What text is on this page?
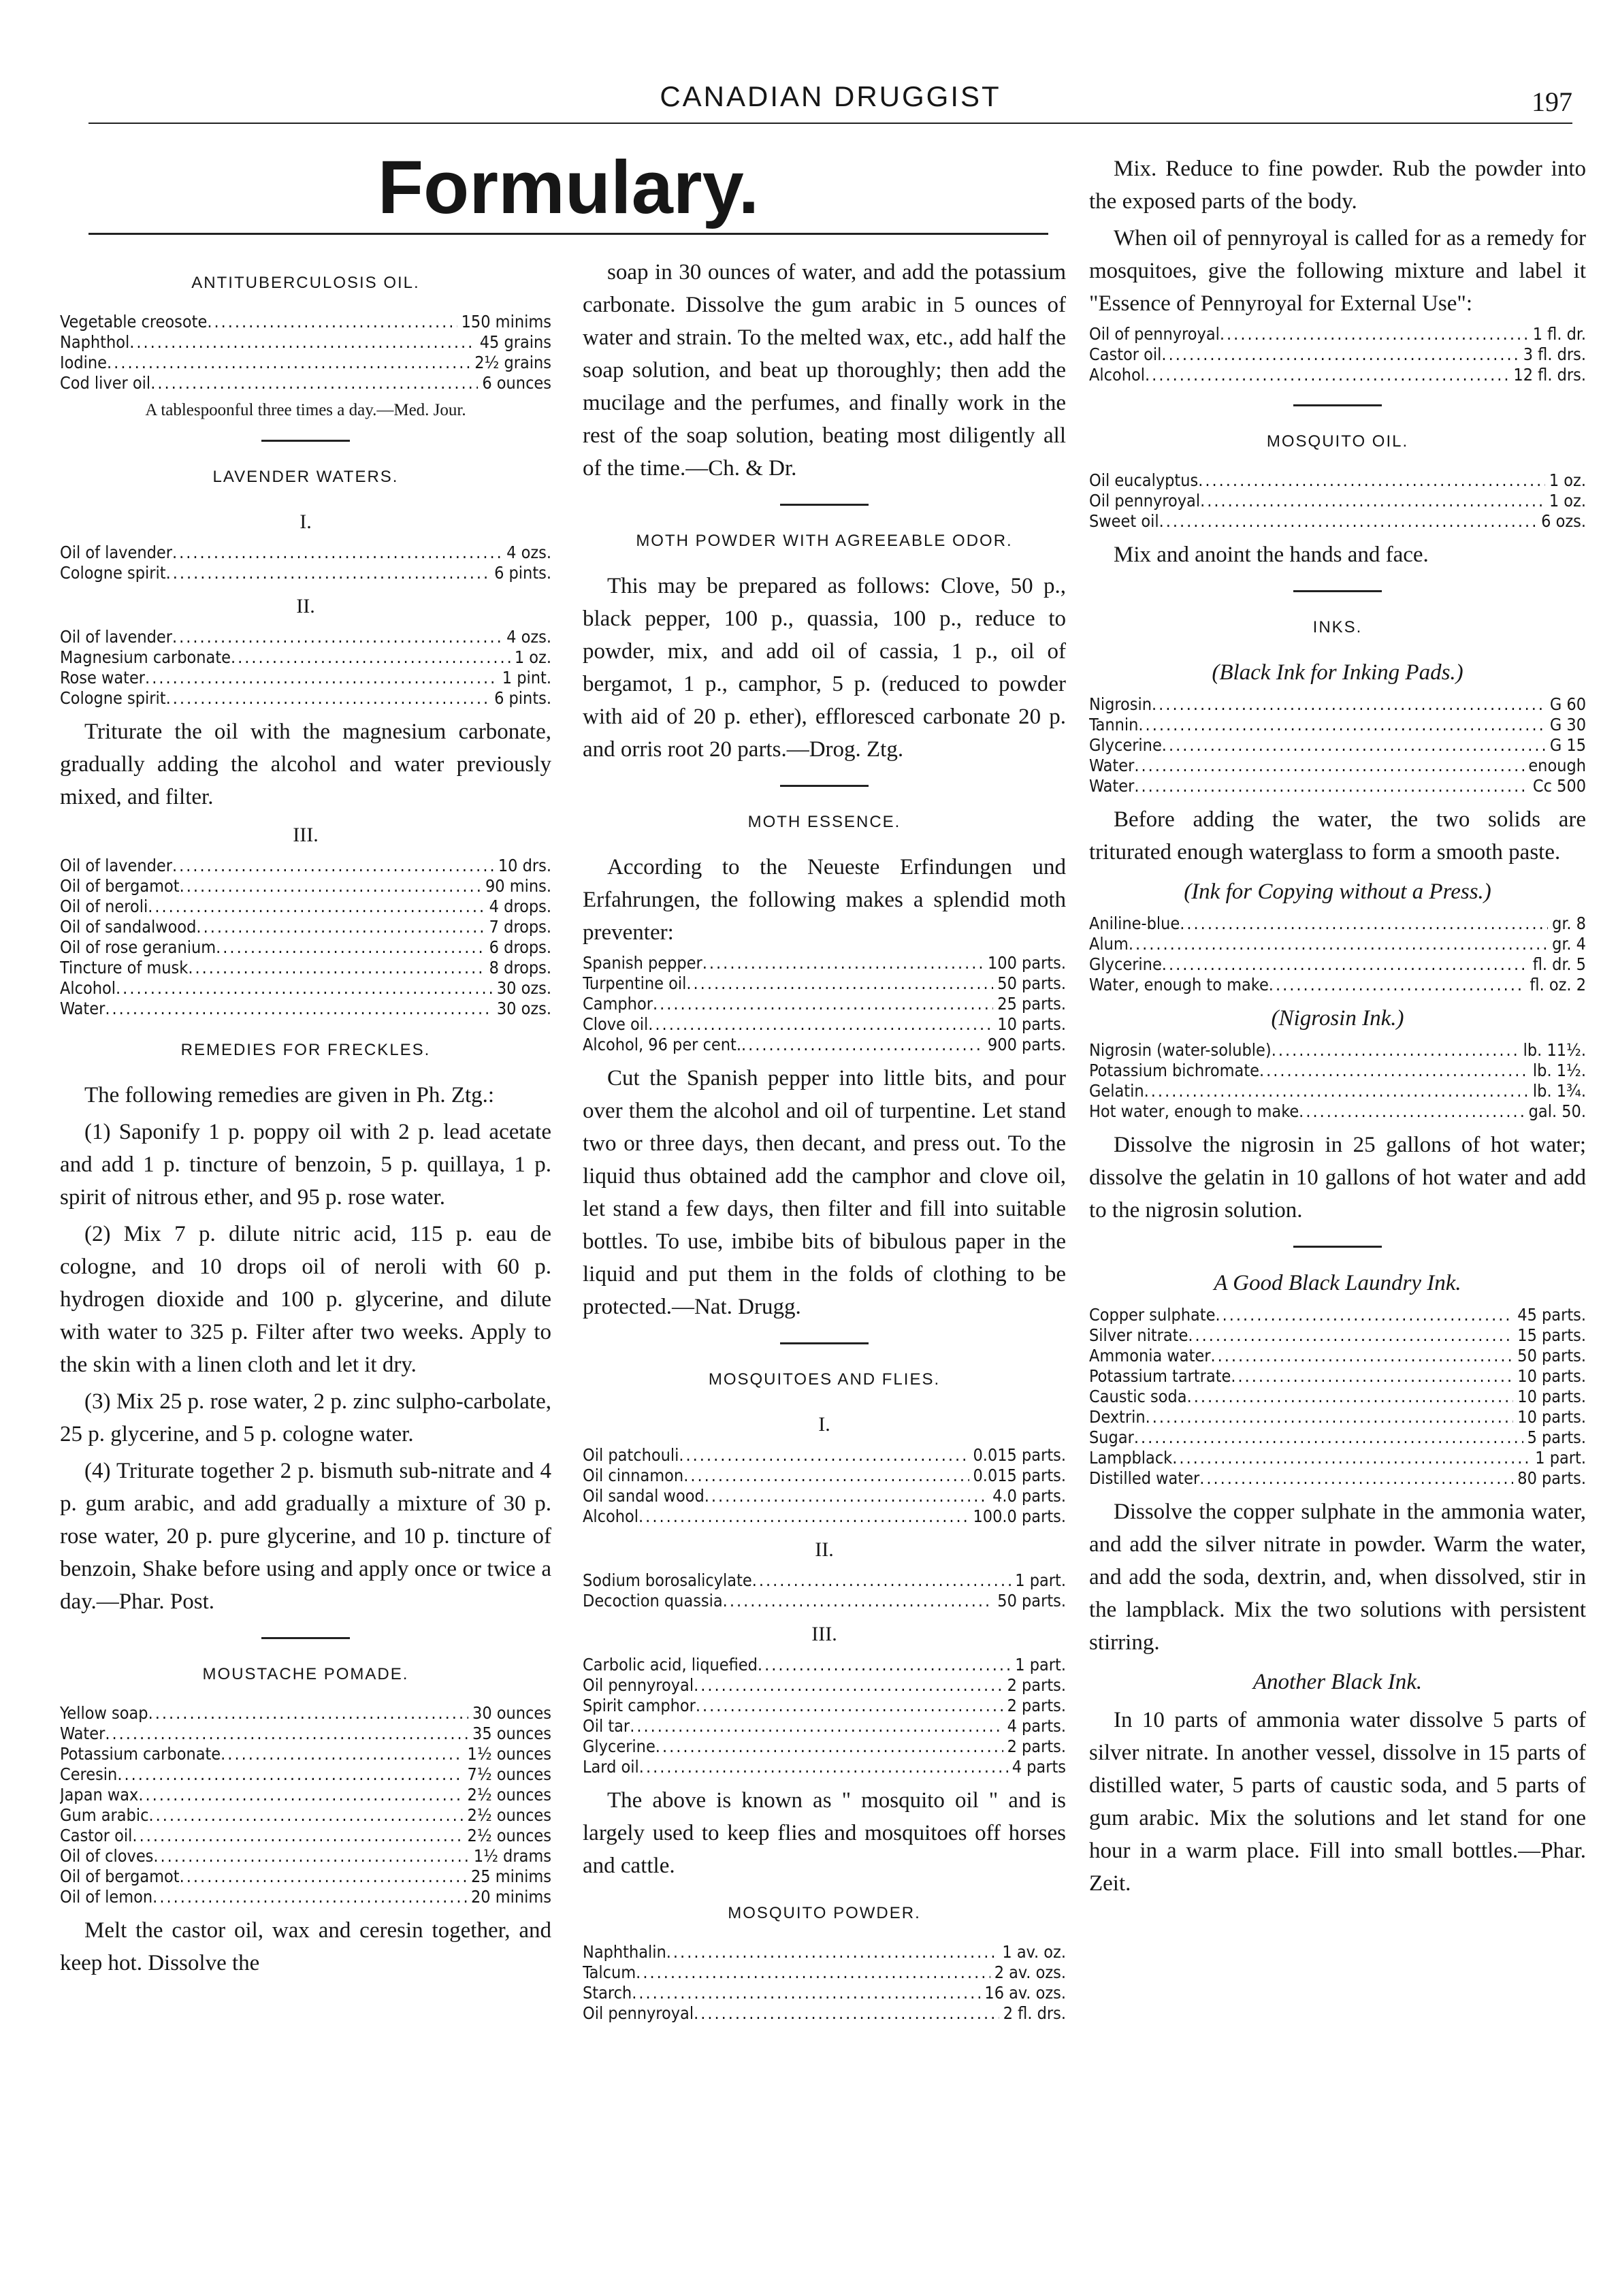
CANADIAN DRUGGIST	197
Formulary.
ANTITUBERCULOSIS OIL.
Vegetable creosote .....	150 minims
Naphthol .....	45 grains
Iodine .....	2½ grains
Cod liver oil .....	6 ounces
A tablespoonful three times a day.—Med. Jour.
LAVENDER WATERS.
I.
Oil of lavender .....	4 ozs.
Cologne spirit .....	6 pints.
II.
Oil of lavender .....	4 ozs.
Magnesium carbonate .....	1 oz.
Rose water .....	1 pint.
Cologne spirit .....	6 pints.

Triturate the oil with the magnesium carbonate, gradually adding the alcohol and water previously mixed, and filter.

III.
Oil of lavender .....	10 drs.
Oil of bergamot .....	90 mins.
Oil of neroli .....	4 drops.
Oil of sandalwood .....	7 drops.
Oil of rose geranium .....	6 drops.
Tincture of musk .....	8 drops.
Alcohol .....	30 ozs.
Water .....	30 ozs.
REMEDIES FOR FRECKLES.

The following remedies are given in Ph. Ztg.:

(1) Saponify 1 p. poppy oil with 2 p. lead acetate and add 1 p. tincture of benzoin, 5 p. quillaya, 1 p. spirit of nitrous ether, and 95 p. rose water.

(2) Mix 7 p. dilute nitric acid, 115 p. eau de cologne, and 10 drops oil of neroli with 60 p. hydrogen dioxide and 100 p. glycerine, and dilute with water to 325 p. Filter after two weeks. Apply to the skin with a linen cloth and let it dry.

(3) Mix 25 p. rose water, 2 p. zinc sulpho-carbolate, 25 p. glycerine, and 5 p. cologne water.

(4) Triturate together 2 p. bismuth sub-nitrate and 4 p. gum arabic, and add gradually a mixture of 30 p. rose water, 20 p. pure glycerine, and 10 p. tincture of benzoin, Shake before using and apply once or twice a day.—Phar. Post.

MOUSTACHE POMADE.
Yellow soap .....	30 ounces
Water .....	35 ounces
Potassium carbonate .....	1½ ounces
Ceresin .....	7½ ounces
Japan wax .....	2½ ounces
Gum arabic .....	2½ ounces
Castor oil .....	2½ ounces
Oil of cloves .....	1½ drams
Oil of bergamot .....	25 minims
Oil of lemon .....	20 minims

Melt the castor oil, wax and ceresin together, and keep hot. Dissolve the

soap in 30 ounces of water, and add the potassium carbonate. Dissolve the gum arabic in 5 ounces of water and strain. To the melted wax, etc., add half the soap solution, and beat up thoroughly; then add the mucilage and the perfumes, and finally work in the rest of the soap solution, beating most diligently all of the time.—Ch. & Dr.

MOTH POWDER WITH AGREEABLE ODOR.

This may be prepared as follows: Clove, 50 p., black pepper, 100 p., quassia, 100 p., reduce to powder, mix, and add oil of cassia, 1 p., oil of bergamot, 1 p., camphor, 5 p. (reduced to powder with aid of 20 p. ether), effloresced carbonate 20 p. and orris root 20 parts.—Drog. Ztg.

MOTH ESSENCE.

According to the Neueste Erfindungen und Erfahrungen, the following makes a splendid moth preventer:

Spanish pepper .....	100 parts.
Turpentine oil .....	50 parts.
Camphor .....	25 parts.
Clove oil .....	10 parts.
Alcohol, 96 per cent. .....	900 parts.

Cut the Spanish pepper into little bits, and pour over them the alcohol and oil of turpentine. Let stand two or three days, then decant, and press out. To the liquid thus obtained add the camphor and clove oil, let stand a few days, then filter and fill into suitable bottles. To use, imbibe bits of bibulous paper in the liquid and put them in the folds of clothing to be protected.—Nat. Drugg.

MOSQUITOES AND FLIES.
I.
Oil patchouli .....	0.015 parts.
Oil cinnamon .....	0.015 parts.
Oil sandal wood .....	4.0 parts.
Alcohol .....	100.0 parts.
II.
Sodium borosalicylate .....	1 part.
Decoction quassia .....	50 parts.
III.
Carbolic acid, liquefied .....	1 part.
Oil pennyroyal .....	2 parts.
Spirit camphor .....	2 parts.
Oil tar .....	4 parts.
Glycerine .....	2 parts.
Lard oil .....	4 parts

The above is known as " mosquito oil " and is largely used to keep flies and mosquitoes off horses and cattle.

MOSQUITO POWDER.
Naphthalin .....	1 av. oz.
Talcum .....	2 av. ozs.
Starch .....	16 av. ozs.
Oil pennyroyal .....	2 fl. drs.

Mix. Reduce to fine powder. Rub the powder into the exposed parts of the body.

When oil of pennyroyal is called for as a remedy for mosquitoes, give the following mixture and label it "Essence of Pennyroyal for External Use":

Oil of pennyroyal .....	1 fl. dr.
Castor oil .....	3 fl. drs.
Alcohol .....	12 fl. drs.
MOSQUITO OIL.
Oil eucalyptus .....	1 oz.
Oil pennyroyal .....	1 oz.
Sweet oil .....	6 ozs.

Mix and anoint the hands and face.

INKS.
(Black Ink for Inking Pads.)
Nigrosin .....	G 60
Tannin .....	G 30
Glycerine .....	G 15
Water .....	enough
Water .....	Cc 500

Before adding the water, the two solids are triturated enough waterglass to form a smooth paste.

(Ink for Copying without a Press.)
Aniline-blue .....	gr. 8
Alum .....	gr. 4
Glycerine .....	fl. dr. 5
Water, enough to make .....	fl. oz. 2
(Nigrosin Ink.)
Nigrosin (water-soluble) .....	lb. 11½.
Potassium bichromate .....	lb. 1½.
Gelatin .....	lb. 1¾.
Hot water, enough to make .....	gal. 50.

Dissolve the nigrosin in 25 gallons of hot water; dissolve the gelatin in 10 gallons of hot water and add to the nigrosin solution.

A Good Black Laundry Ink.
Copper sulphate .....	45 parts.
Silver nitrate .....	15 parts.
Ammonia water .....	50 parts.
Potassium tartrate .....	10 parts.
Caustic soda .....	10 parts.
Dextrin .....	10 parts.
Sugar .....	5 parts.
Lampblack .....	1 part.
Distilled water .....	80 parts.

Dissolve the copper sulphate in the ammonia water, and add the silver nitrate in powder. Warm the water, and add the soda, dextrin, and, when dissolved, stir in the lampblack. Mix the two solutions with persistent stirring.

Another Black Ink.

In 10 parts of ammonia water dissolve 5 parts of silver nitrate. In another vessel, dissolve in 15 parts of distilled water, 5 parts of caustic soda, and 5 parts of gum arabic. Mix the solutions and let stand for one hour in a warm place. Fill into small bottles.—Phar. Zeit.
